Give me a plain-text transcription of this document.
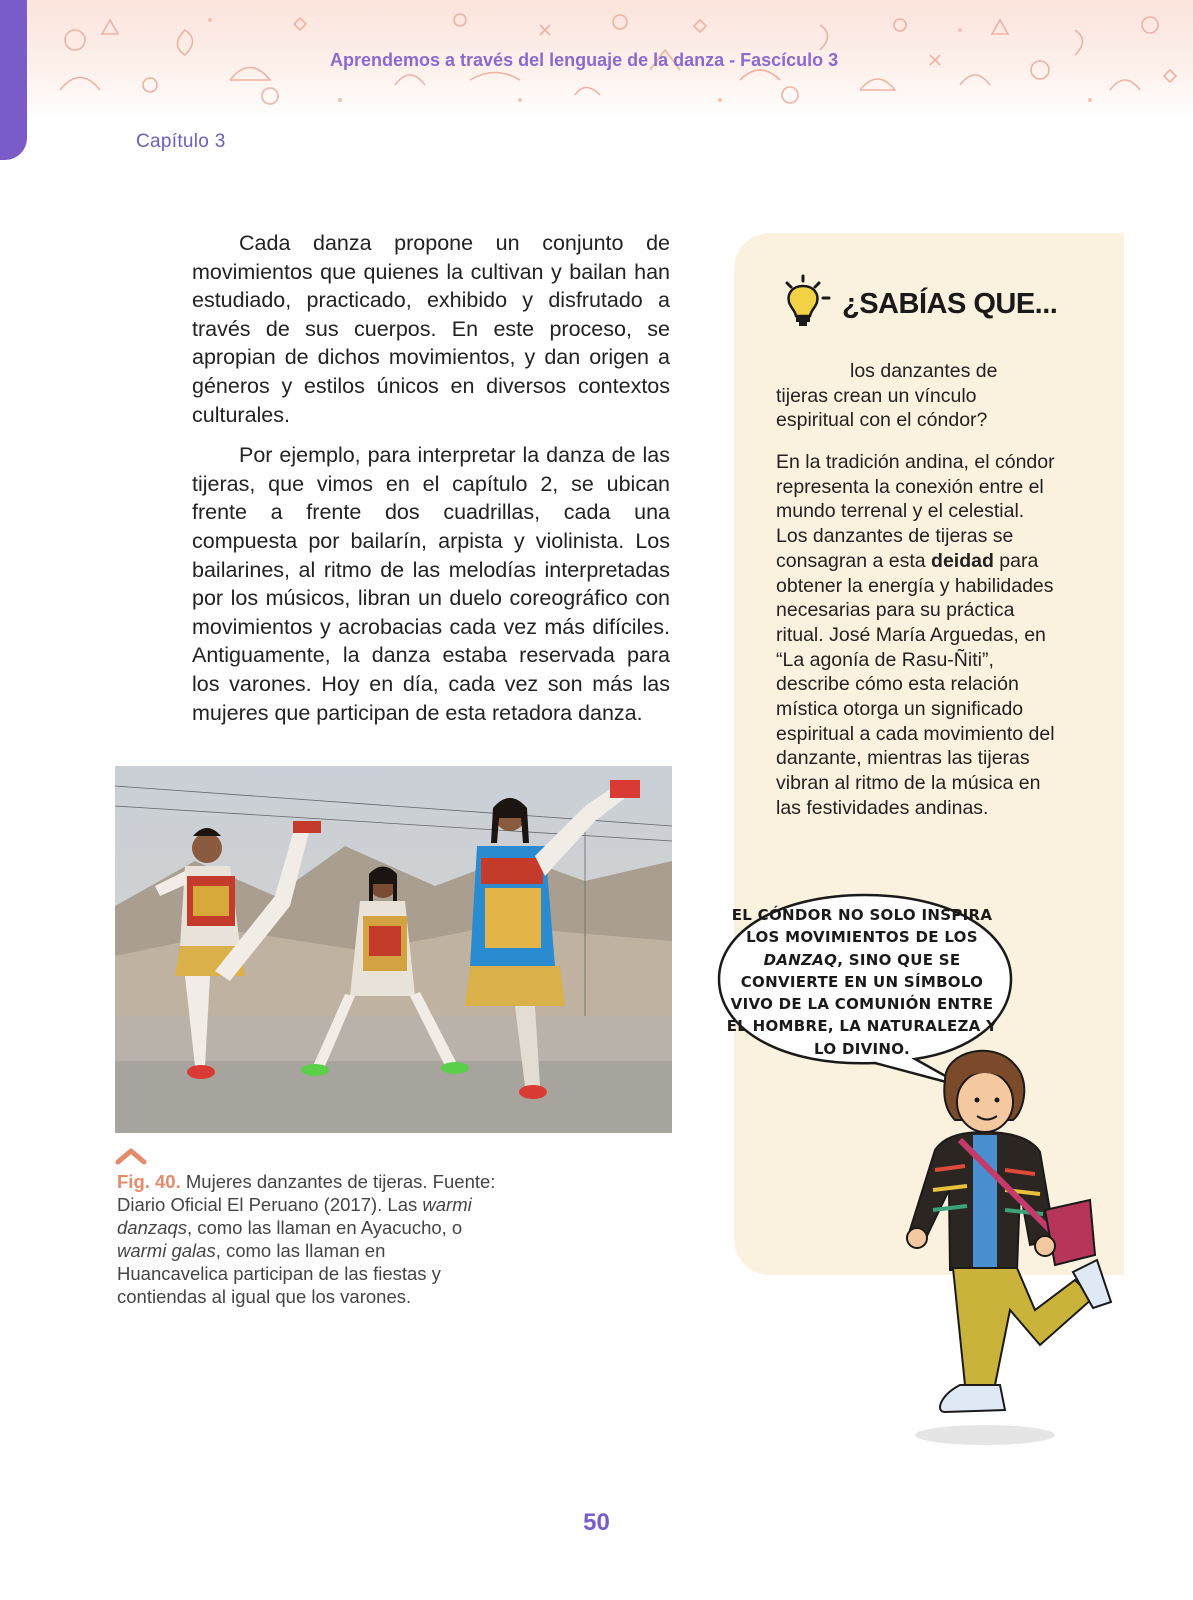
Aprendemos a través del lenguaje de la danza - Fascículo 3
Capítulo 3

Cada danza propone un conjunto de movimientos que quienes la cultivan y bailan han estudiado, practicado, exhibido y disfrutado a través de sus cuerpos. En este proceso, se apropian de dichos movimientos, y dan origen a géneros y estilos únicos en diversos contextos culturales.

Por ejemplo, para interpretar la danza de las tijeras, que vimos en el capítulo 2, se ubican frente a frente dos cuadrillas, cada una compuesta por bailarín, arpista y violinista. Los bailarines, al ritmo de las melodías interpretadas por los músicos, libran un duelo coreográfico con movimientos y acrobacias cada vez más difíciles. Antiguamente, la danza estaba reservada para los varones. Hoy en día, cada vez son más las mujeres que participan de esta retadora danza.

Fig. 40. Mujeres danzantes de tijeras. Fuente: Diario Oficial El Peruano (2017). Las warmi danzaqs, como las llaman en Ayacucho, o warmi galas, como las llaman en Huancavelica participan de las fiestas y contiendas al igual que los varones.
¿SABÍAS QUE...
los danzantes de tijeras crean un vínculo espiritual con el cóndor?
En la tradición andina, el cóndor representa la conexión entre el mundo terrenal y el celestial. Los danzantes de tijeras se consagran a esta deidad para obtener la energía y habilidades necesarias para su práctica ritual. José María Arguedas, en “La agonía de Rasu-Ñiti”, describe cómo esta relación mística otorga un significado espiritual a cada movimiento del danzante, mientras las tijeras vibran al ritmo de la música en las festividades andinas.
EL CÓNDOR NO SOLO INSPIRA LOS MOVIMIENTOS DE LOS DANZAQ, SINO QUE SE CONVIERTE EN UN SÍMBOLO VIVO DE LA COMUNIÓN ENTRE EL HOMBRE, LA NATURALEZA Y LO DIVINO.
50
